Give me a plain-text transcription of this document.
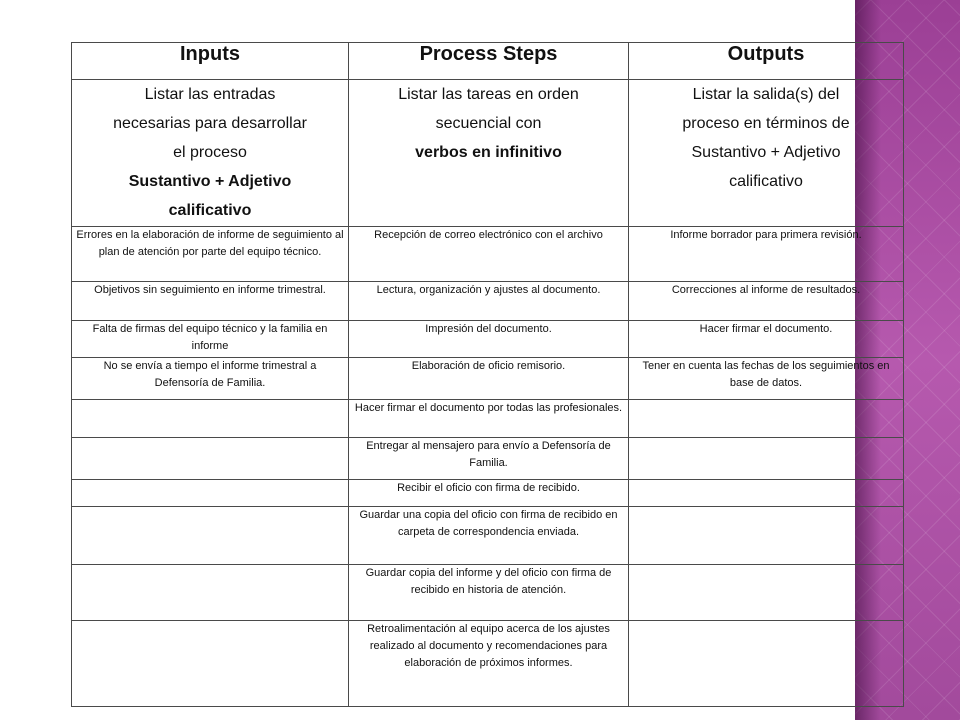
Inputs	Process Steps	Outputs

Listar las entradas
necesarias para desarrollar
el proceso
Sustantivo + Adjetivo
calificativo	Listar las tareas en orden
secuencial con
verbos en infinitivo	Listar la salida(s) del
proceso en términos de
Sustantivo + Adjetivo
calificativo

Errores en la elaboración de informe de seguimiento al plan de atención por parte del equipo técnico.	Recepción de correo electrónico con el archivo	Informe borrador para primera revisión.
Objetivos sin seguimiento en informe trimestral.	Lectura, organización y ajustes al documento.	Correcciones al informe de resultados.
Falta de firmas del equipo técnico y la familia en informe	Impresión del documento.	Hacer firmar el documento.
No se envía a tiempo el informe trimestral a Defensoría de Familia.	Elaboración de oficio remisorio.	Tener en cuenta las fechas de los seguimientos en base de datos.
	Hacer firmar el documento por todas las profesionales.	
	Entregar al mensajero para envío a Defensoría de Familia.	
	Recibir el oficio con firma de recibido.	
	Guardar una copia del oficio con firma de recibido en carpeta de correspondencia enviada.	
	Guardar copia del informe y del oficio con firma de recibido en historia de atención.	
	Retroalimentación al equipo acerca de los ajustes realizado al documento y recomendaciones para elaboración de próximos informes.	
